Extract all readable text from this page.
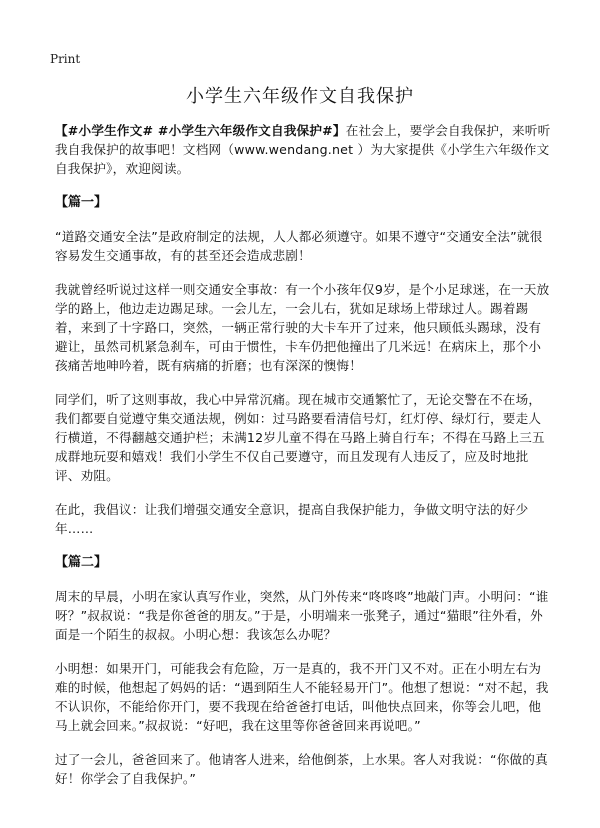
Print
小学生六年级作文自我保护

【#小学生作文# #小学生六年级作文自我保护#】在社会上，要学会自我保护，来听听我自我保护的故事吧！文档网（www.wendang.net ）为大家提供《小学生六年级作文自我保护》，欢迎阅读。

【篇一】

“道路交通安全法”是政府制定的法规，人人都必须遵守。如果不遵守“交通安全法”就很容易发生交通事故，有的甚至还会造成悲剧！

我就曾经听说过这样一则交通安全事故：有一个小孩年仅9岁，是个小足球迷，在一天放学的路上，他边走边踢足球。一会儿左，一会儿右，犹如足球场上带球过人。踢着踢着，来到了十字路口，突然，一辆正常行驶的大卡车开了过来，他只顾低头踢球，没有避让，虽然司机紧急刹车，可由于惯性，卡车仍把他撞出了几米远！在病床上，那个小孩痛苦地呻吟着，既有病痛的折磨；也有深深的懊悔！

同学们，听了这则事故，我心中异常沉痛。现在城市交通繁忙了，无论交警在不在场，我们都要自觉遵守集交通法规，例如：过马路要看清信号灯，红灯停、绿灯行，要走人行横道，不得翻越交通护栏；未满12岁儿童不得在马路上骑自行车；不得在马路上三五成群地玩耍和嬉戏！我们小学生不仅自己要遵守，而且发现有人违反了，应及时地批评、劝阻。

在此，我倡议：让我们增强交通安全意识，提高自我保护能力，争做文明守法的好少年……

【篇二】

周末的早晨，小明在家认真写作业，突然，从门外传来“咚咚咚”地敲门声。小明问：“谁呀？”叔叔说：“我是你爸爸的朋友。”于是，小明端来一张凳子，通过“猫眼”往外看，外面是一个陌生的叔叔。小明心想：我该怎么办呢？

小明想：如果开门，可能我会有危险，万一是真的，我不开门又不对。正在小明左右为难的时候，他想起了妈妈的话：“遇到陌生人不能轻易开门”。他想了想说：“对不起，我不认识你，不能给你开门，要不我现在给爸爸打电话，叫他快点回来，你等会儿吧，他马上就会回来。”叔叔说：“好吧，我在这里等你爸爸回来再说吧。”

过了一会儿，爸爸回来了。他请客人进来，给他倒茶，上水果。客人对我说：“你做的真好！你学会了自我保护。”
